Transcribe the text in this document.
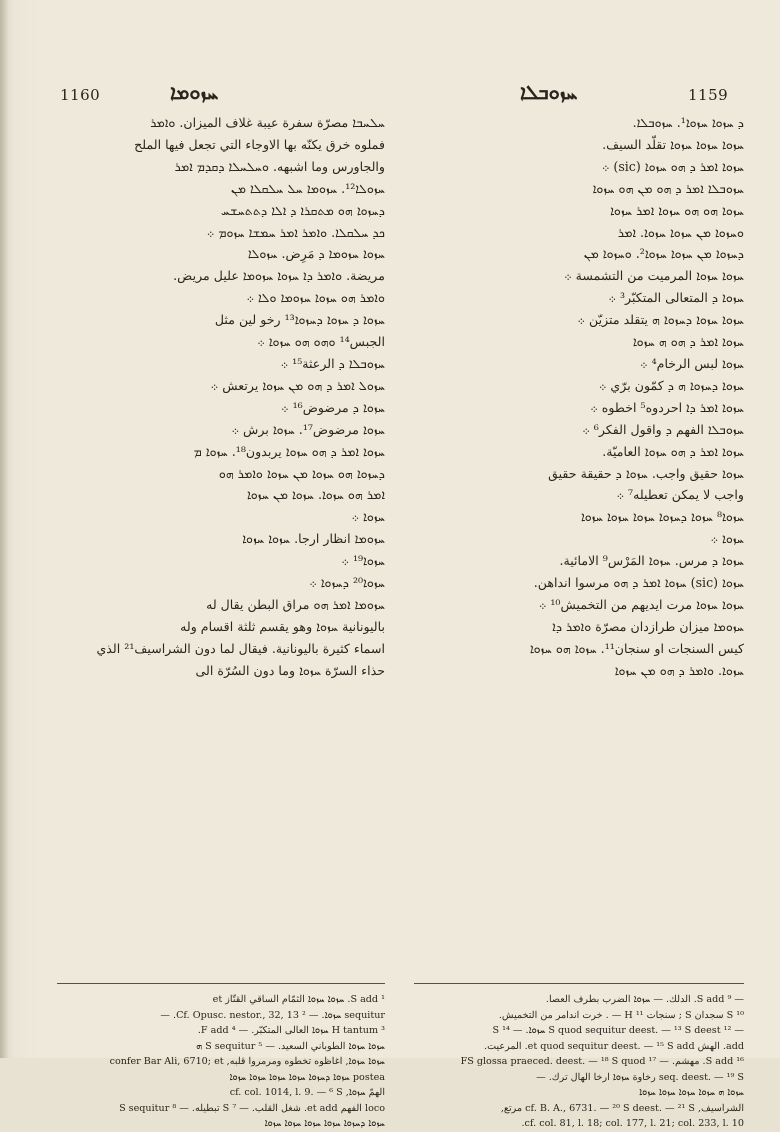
1160	ܚܙܘܡܐ	ܚܙܘܒܠܐ	1159

ܚܠܚܒܐ مصرّة سفرة عيبة غلاف الميزان. ܘܐܡܪ

فملوه خرق يكنّه بها الاوجاء التي تجعل فيها الملح

والجاورس وما اشبهه. ܘܚܠܚܠܐ ܕܩܕܡ ܐܡܪ

ܚܙܘܠܐ¹². ܚܙܘܡܐ ܚܠ ܚܠܩܠܐ ܡܢ

ܕܚܙܘܐ ܗܘ ܡܬܩܪܐ ܕ ܐܠܐ ܕܬܬܚܫܚ

ܟܕ ܚܠܩܠܐ. ܘܐܡܪ ܐܡܪ ܚܡܫܐ ܚܙܘܡ ܀

ܚܙܘܐ ܚܙܘܡܐ ܕ مَرِض. ܚܙܘܠܐ

مريضة. ܘܐܡܪ ܕܐ ܚܙܘܐ ܚܙܘܡܐ عليل مريض.

ܘܐܡܪ ܗܘ ܚܙܘܐ ܚܙܘܡܐ ܘܠܐ ܀

ܚܙܘܐ ܕ ܚܙܘܐ ܕܚܙܘܐ¹³ رخو لين مثل

الجبس¹⁴ ܘܗܘ ܗܘ ܚܙܘܐ ܀

ܚܙܘܒܠܐ ܕ الرعثة¹⁵ ܀

ܚܙܘܠ ܐܡܪ ܕ ܗܘ ܡܢ ܚܙܘܐ يرتعش ܀

ܚܙܘܐ ܕ مرضوض¹⁶ ܀

ܚܙܘܐ مرضوض¹⁷. ܚܙܘܐ برش ܀

ܚܙܘܐ ܐܡܪ ܕ ܗܘ ܚܙܘܐ يربدون¹⁸. ܚܙܘܐ ܡ

ܕܚܙܘܐ ܗܘ ܚܙܘܐ ܡܢ ܚܙܘܐ ܘܐܡܪ ܗܘ

ܐܡܪ ܗܘ ܚܙܘܐ. ܚܙܘܐ ܡܢ ܚܙܘܐ

ܚܙܘܐ ܀

ܚܙܘܡܐ انظار ارجا. ܚܙܘܐ ܚܙܘܐ

ܚܙܘܐ¹⁹ ܀

ܚܙܘܐ²⁰ ܕܚܙܘܐ ܀

ܚܙܘܡܐ ܐܡܪ ܗܘ مراق البطن يقال له

باليونانية ܚܙܘܐ وهو يقسم ثلثة اقسام وله

اسماء كثيرة باليونانية. فيقال لما دون الشراسيف²¹ الذي

حذاء السرّة ܚܙܘܐ وما دون السُرّة الى

ܕ ܚܙܘܐ ܚܙܘܐ¹. ܚܙܘܒܠܐ.

ܚܙܘܐ ܚܙܘܐ ܚܙܘܐ تقلّد السيف.

ܚܙܘܐ ܐܡܪ ܕ ܗܘ ܚܙܘܐ (sic) ܀

ܚܙܘܒܠܐ ܐܡܪ ܕ ܗܘ ܡܢ ܗܘ ܚܙܘܐ

ܚܙܘܐ ܗܘ ܗܘ ܚܙܘܐ ܐܡܪ ܚܙܘܐ

ܘܚܙܘܐ ܡܢ ܚܙܘܐ ܚܙܘܐ. ܐܡܪ

ܕܚܙܘܐ ܡܢ ܚܙܘܐ ܚܙܘܐ². ܘܚܙܘܐ ܡܢ

ܚܙܘܐ ܚܙܘܐ المرميت من التشمسة ܀

ܚܙܘܐ ܕ المتعالى المتكبّر³ ܀

ܚܙܘܐ ܚܙܘܐ ܕܚܙܘܐ ܗ يتقلد متزيّن ܀

ܚܙܘܐ ܐܡܪ ܕ ܗܘ ܗ ܚܙܘܐ

ܚܙܘܐ لبس الرخام⁴ ܀

ܚܙܘܐ ܕܚܙܘܐ ܗ ܕ كمّون برّي ܀

ܚܙܘܐ ܐܡܪ ܕܐ احردوه⁵ اخطوه ܀

ܚܙܘܒܠܐ الفهم ܕ واقول الفكر⁶ ܀

ܚܙܘܐ ܐܡܪ ܕ ܗܘ ܚܙܘܐ العاميّة.

ܚܙܘܐ حقيق واجب. ܚܙܘܐ ܕ حقيقة حقيق

واجب لا يمكن تعطيله⁷ ܀

ܚܙܘܐ⁸ ܚܙܘܐ ܕܚܙܘܐ ܚܙܘܐ ܚܙܘܐ ܚܙܘܐ

ܚܙܘܐ ܀

ܚܙܘܐ ܕ مرس. ܚܙܘܐ المَرْس⁹ الامائية.

ܚܙܘܐ (sic) ܚܙܘܐ ܐܡܪ ܕ ܗܘ مرسوا انداهن.

ܚܙܘܐ ܚܙܘܐ مرت ايديهم من التخميش¹⁰ ܀

ܚܙܘܡܐ ميزان طرازدان مصرّة ܘܐܡܪ ܕܐ

كيس السنجات او سنجان¹¹. ܚܙܘܐ ܗܘ ܚܙܘܐ

ܚܙܘܐ. ܘܐܡܪ ܕ ܗܘ ܡܢ ܚܙܘܐ

¹ S add. ܚܙܘܐ ܚܙܘܐ الثمّام الساقي القتّاز et

sequitur ܚܙܘܐ. — ² Cf. Opusc. nestor., 32, 13. —

³ H tantum ܚܙܘܐ العالى المتكبّر. — ⁴ F add.

ܚܙܘܐ ܚܙܘܐ الطوباني السعيد. — ⁵ S sequitur ܗ

ܚܙܘܐ ܚܙܘܐ, اغاظوه تخطوه ومرمروا قلبه, confer Bar Ali, 6710; et

postea ܚܙܘܐ ܕܚܙܘܐ ܚܙܘܐ ܚܙܘܐ ܚܙܘܐ ܚܙܘܐ

الهمّ ܚܙܘܐ, cf. col. 1014, l. 9. — ⁶ S

loco الفهم et add. شغل القلب. — ⁷ S تبطيله. — ⁸ S sequitur

ܚܙܘܐ ܕܚܙܘܐ ܚܙܘܐ ܚܙܘܐ ܚܙܘܐ ܚܙܘܐ

— ⁹ S add. الدلك. — ܚܙܘܐ الضرب بطرف العصا.

¹⁰ S سجدان S ; سنجات ¹¹ H — . خرت اندامر من التخميش.

— ¹² S quod sequitur deest. — ¹³ S deest ܚܙܘܐ. — ¹⁴ S

add. الهش et quod sequitur deest. — ¹⁵ S add. المرعيت.

¹⁶ S add. مهشم. — ¹⁷ FS glossa praeced. deest. — ¹⁸ S quod

seq. deest. — ¹⁹ S رخاوة ܚܙܘܐ ارخا الهال ترك. —

ܚܙܘܐ ܗ ܚܙܘܐ ܚܙܘܐ ܚܙܘܐ ܚܙܘܐ

الشراسيف, cf. B. A., 6731. — ²⁰ S deest. — ²¹ S مرتع,

cf. col. 81, l. 18; col. 177, l. 21; col. 233, l. 10.
